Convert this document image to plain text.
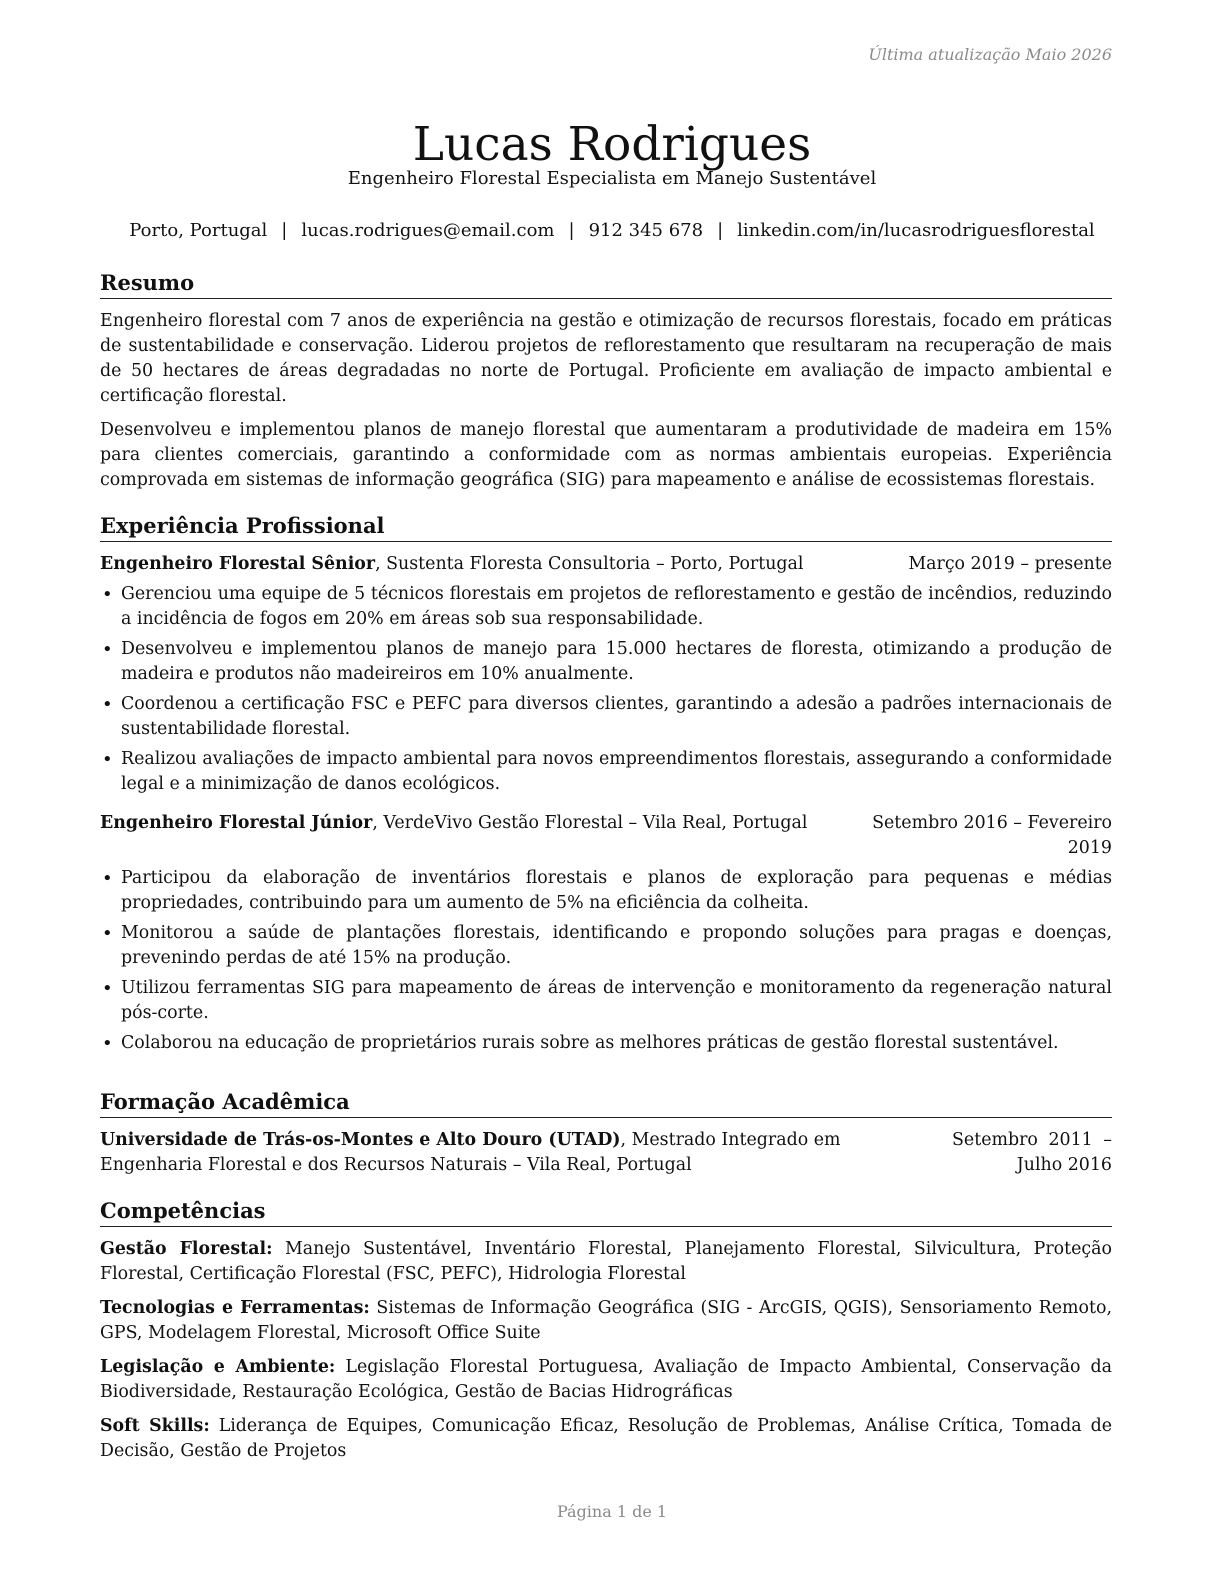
Última atualização Maio 2026
Lucas Rodrigues
Engenheiro Florestal Especialista em Manejo Sustentável
Porto, Portugal | lucas.rodrigues@email.com | 912 345 678 | linkedin.com/in/lucasrodriguesflorestal
Resumo

Engenheiro florestal com 7 anos de experiência na gestão e otimização de recursos florestais, focado em práticas de sustentabilidade e conservação. Liderou projetos de reflorestamento que resultaram na recuperação de mais de 50 hectares de áreas degradadas no norte de Portugal. Proficiente em avaliação de impacto ambiental e certificação florestal.

Desenvolveu e implementou planos de manejo florestal que aumentaram a produtividade de madeira em 15% para clientes comerciais, garantindo a conformidade com as normas ambientais europeias. Experiência comprovada em sistemas de informação geográfica (SIG) para mapeamento e análise de ecossistemas florestais.

Experiência Profissional
Engenheiro Florestal Sênior, Sustenta Floresta Consultoria – Porto, Portugal	Março 2019 – presente
• Gerenciou uma equipe de 5 técnicos florestais em projetos de reflorestamento e gestão de incêndios, reduzindo a incidência de fogos em 20% em áreas sob sua responsabilidade.
• Desenvolveu e implementou planos de manejo para 15.000 hectares de floresta, otimizando a produção de madeira e produtos não madeireiros em 10% anualmente.
• Coordenou a certificação FSC e PEFC para diversos clientes, garantindo a adesão a padrões internacionais de sustentabilidade florestal.
• Realizou avaliações de impacto ambiental para novos empreendimentos florestais, assegurando a conformidade legal e a minimização de danos ecológicos.
Engenheiro Florestal Júnior, VerdeVivo Gestão Florestal – Vila Real, Portugal	Setembro 2016 – Fevereiro 2019
• Participou da elaboração de inventários florestais e planos de exploração para pequenas e médias propriedades, contribuindo para um aumento de 5% na eficiência da colheita.
• Monitorou a saúde de plantações florestais, identificando e propondo soluções para pragas e doenças, prevenindo perdas de até 15% na produção.
• Utilizou ferramentas SIG para mapeamento de áreas de intervenção e monitoramento da regeneração natural pós-corte.
• Colaborou na educação de proprietários rurais sobre as melhores práticas de gestão florestal sustentável.
Formação Acadêmica
Universidade de Trás-os-Montes e Alto Douro (UTAD), Mestrado Integrado em Engenharia Florestal e dos Recursos Naturais – Vila Real, Portugal
Setembro 2011 – Julho 2016
Competências
Gestão Florestal: Manejo Sustentável, Inventário Florestal, Planejamento Florestal, Silvicultura, Proteção Florestal, Certificação Florestal (FSC, PEFC), Hidrologia Florestal
Tecnologias e Ferramentas: Sistemas de Informação Geográfica (SIG - ArcGIS, QGIS), Sensoriamento Remoto, GPS, Modelagem Florestal, Microsoft Office Suite
Legislação e Ambiente: Legislação Florestal Portuguesa, Avaliação de Impacto Ambiental, Conservação da Biodiversidade, Restauração Ecológica, Gestão de Bacias Hidrográficas
Soft Skills: Liderança de Equipes, Comunicação Eficaz, Resolução de Problemas, Análise Crítica, Tomada de Decisão, Gestão de Projetos
Página 1 de 1
